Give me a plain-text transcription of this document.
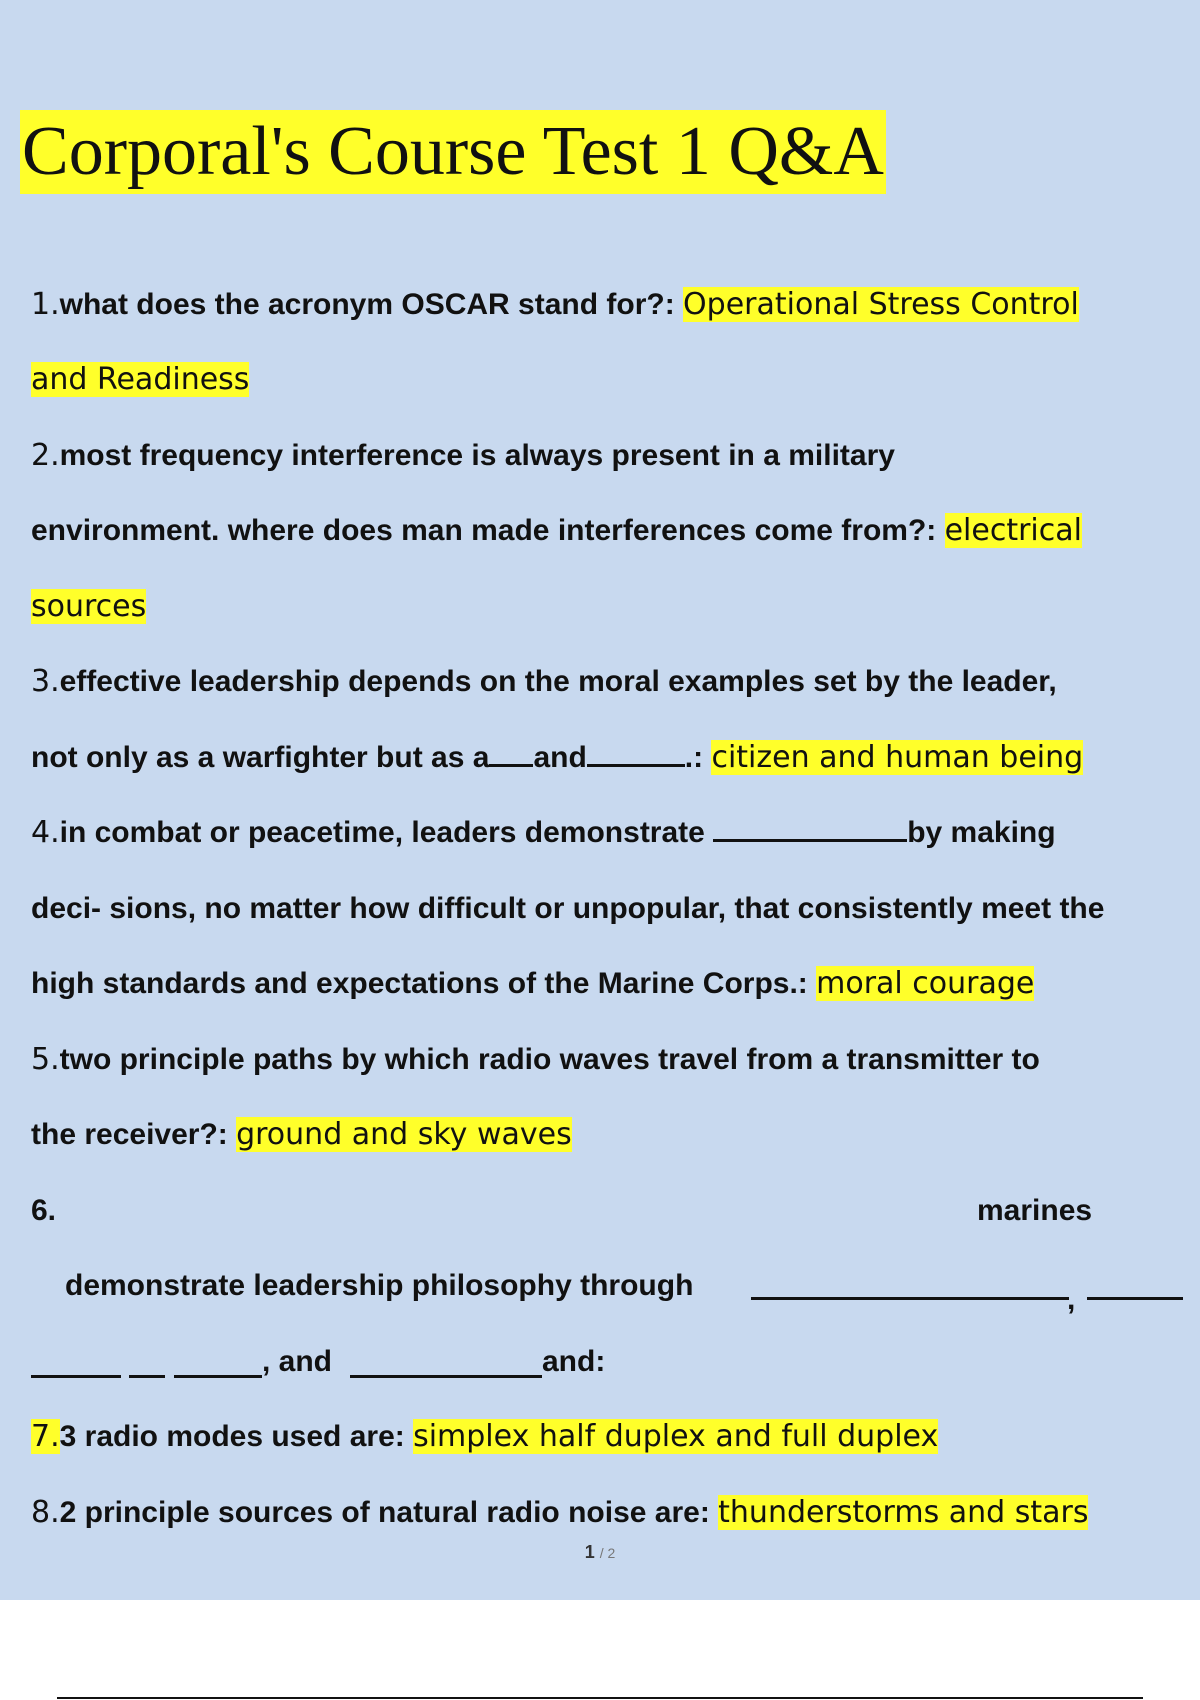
Corporal's Course Test 1 Q&A
1.what does the acronym OSCAR stand for?: Operational Stress Control
and Readiness
2.most frequency interference is always present in a military
environment. where does man made interferences come from?: electrical
sources
3.effective leadership depends on the moral examples set by the leader,
not only as a warfighter but as a and	.: citizen and human being
4.in combat or peacetime, leaders demonstrate	by making
deci- sions, no matter how difficult or unpopular, that consistently meet the
high standards and expectations of the Marine Corps.: moral courage
5.two principle paths by which radio waves travel from a transmitter to
the receiver?: ground and sky waves
6.	marines
demonstrate leadership philosophy through	,
, and	and:
7.3 radio modes used are: simplex half duplex and full duplex
8.2 principle sources of natural radio noise are: thunderstorms and stars
1 / 2
